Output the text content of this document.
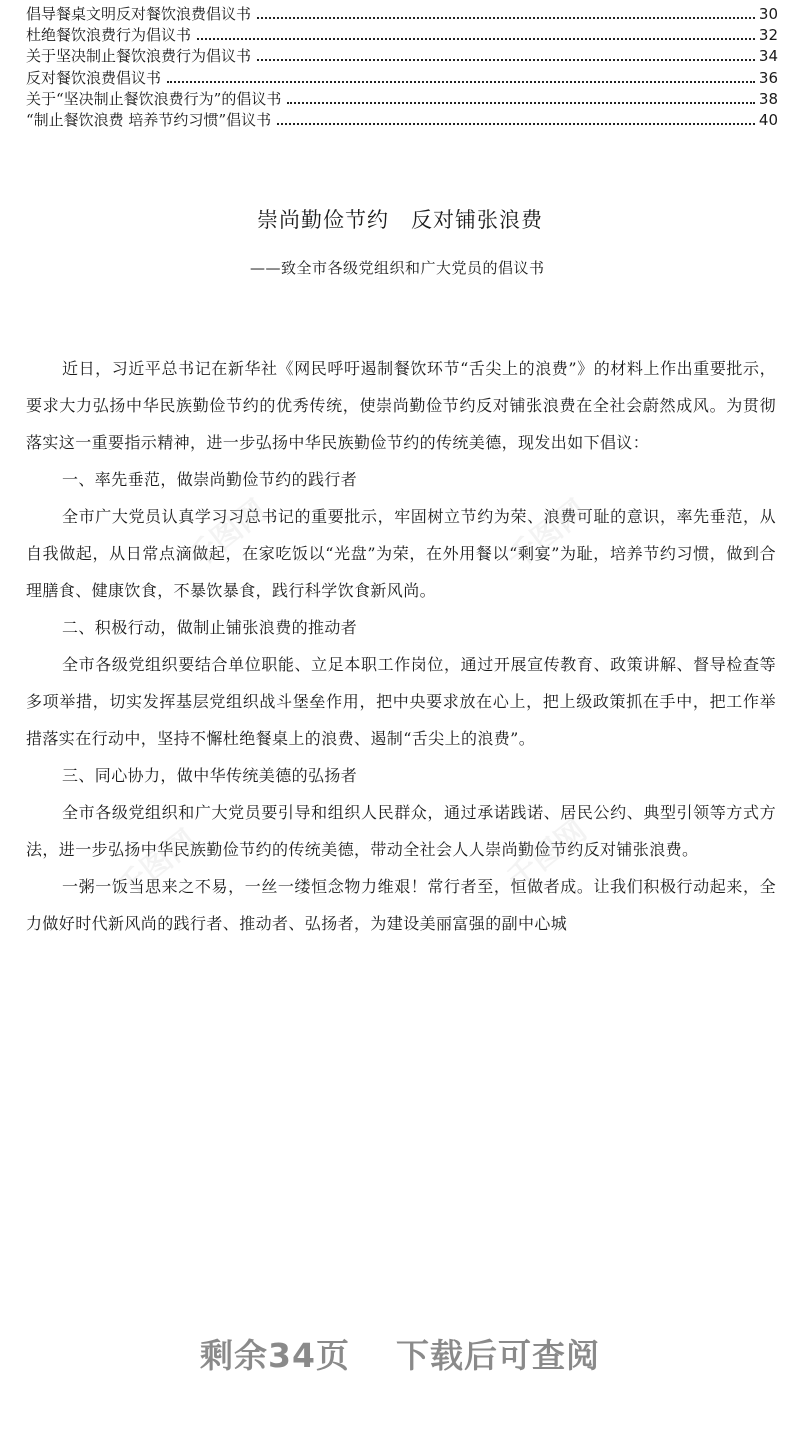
倡导餐桌文明反对餐饮浪费倡议书	30
杜绝餐饮浪费行为倡议书	32
关于坚决制止餐饮浪费行为倡议书	34
反对餐饮浪费倡议书	36
关于“坚决制止餐饮浪费行为”的倡议书	38
“制止餐饮浪费 培养节约习惯”倡议书	40
崇尚勤俭节约　反对铺张浪费
——致全市各级党组织和广大党员的倡议书

近日，习近平总书记在新华社《网民呼吁遏制餐饮环节“舌尖上的浪费”》的材料上作出重要批示，要求大力弘扬中华民族勤俭节约的优秀传统，使崇尚勤俭节约反对铺张浪费在全社会蔚然成风。为贯彻落实这一重要指示精神，进一步弘扬中华民族勤俭节约的传统美德，现发出如下倡议：

一、率先垂范，做崇尚勤俭节约的践行者

全市广大党员认真学习习总书记的重要批示，牢固树立节约为荣、浪费可耻的意识，率先垂范，从自我做起，从日常点滴做起，在家吃饭以“光盘”为荣，在外用餐以“剩宴”为耻，培养节约习惯，做到合理膳食、健康饮食，不暴饮暴食，践行科学饮食新风尚。

二、积极行动，做制止铺张浪费的推动者

全市各级党组织要结合单位职能、立足本职工作岗位，通过开展宣传教育、政策讲解、督导检查等多项举措，切实发挥基层党组织战斗堡垒作用，把中央要求放在心上，把上级政策抓在手中，把工作举措落实在行动中，坚持不懈杜绝餐桌上的浪费、遏制“舌尖上的浪费”。

三、同心协力，做中华传统美德的弘扬者

全市各级党组织和广大党员要引导和组织人民群众，通过承诺践诺、居民公约、典型引领等方式方法，进一步弘扬中华民族勤俭节约的传统美德，带动全社会人人崇尚勤俭节约反对铺张浪费。

一粥一饭当思来之不易，一丝一缕恒念物力维艰！常行者至，恒做者成。让我们积极行动起来，全力做好时代新风尚的践行者、推动者、弘扬者，为建设美丽富强的副中心城

千图网	千图网
千图网	千图网
剩余34页 下载后可查阅
